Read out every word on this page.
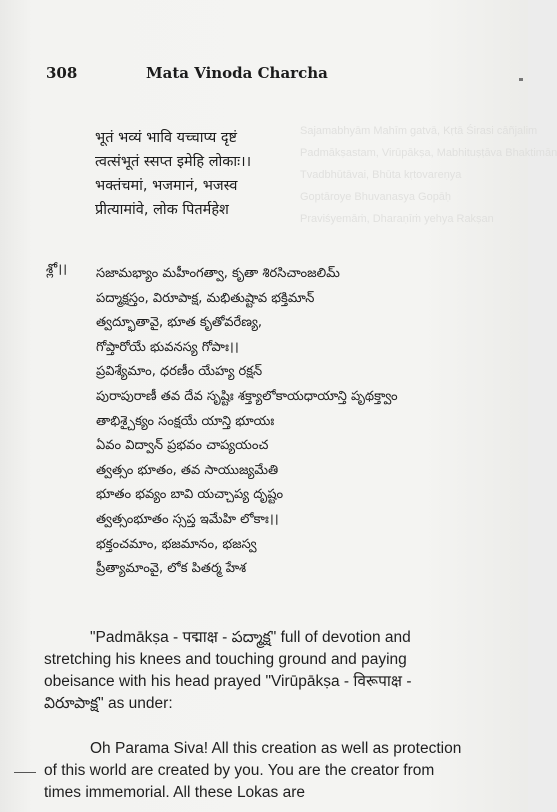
Sajamabhyām Mahīm gatvā, Kṛtā Śirasi cāñjalim
Padmākṣastam, Virūpākṣa, Mabhituṣṭāva Bhaktimān
Tvadbhūtāvai, Bhūta kṛtovareṇya
Goptāroye Bhuvanasya Gopāḥ
Praviśyemāṁ, Dharaṇīṁ yehya Rakṣan
308	Mata Vinoda Charcha
भूतं भव्यं भावि यच्चाप्य दृष्टं
त्वत्संभूतं स्सप्त इमेहि लोकाः।।
भक्तंचमां, भजमानं, भजस्व
प्रीत्यामांवे, लोक पितर्महेश
శ్లో।। సజామభ్యాం మహీంగత్వా, కృతా శిరసిచాంజలిమ్
పద్మాక్షస్తం, విరూపాక్ష, మభితుష్టావ భక్తిమాన్
త్వద్భూతావై, భూత కృతోవరేణ్య,
గోప్తారోయే భువనస్య గోపాః।।
ప్రవిశ్యేమాం, ధరణీం యేహ్య రక్షన్
పురాపురాణీ తవ దేవ సృష్టిః శక్త్యాలోకాయధాయాన్తి పృథక్త్వాం
తాభిశ్చైక్యం సంక్షయే యాన్తి భూయః
ఏవం విద్వాన్ ప్రభవం చాప్యయంచ
త్వత్సం భూతం, తవ సాయుజ్యమేతి
భూతం భవ్యం బావి యచ్చాప్య దృష్టం
త్వత్సంభూతం స్సప్త ఇమేహి లోకాః।।
భక్తంచమాం, భజమానం, భజస్వ
ప్రీత్యామాంవై, లోక పితర్మ హేశ

"Padmākṣa - पद्माक्ष - పద్మాక్ష" full of devotion and stretching his knees and touching ground and paying obeisance with his head prayed "Virūpākṣa - विरूपाक्ष - విరూపాక్ష" as under:

Oh Parama Siva! All this creation as well as protection of this world are created by you. You are the creator from times immemorial. All these Lokas are
